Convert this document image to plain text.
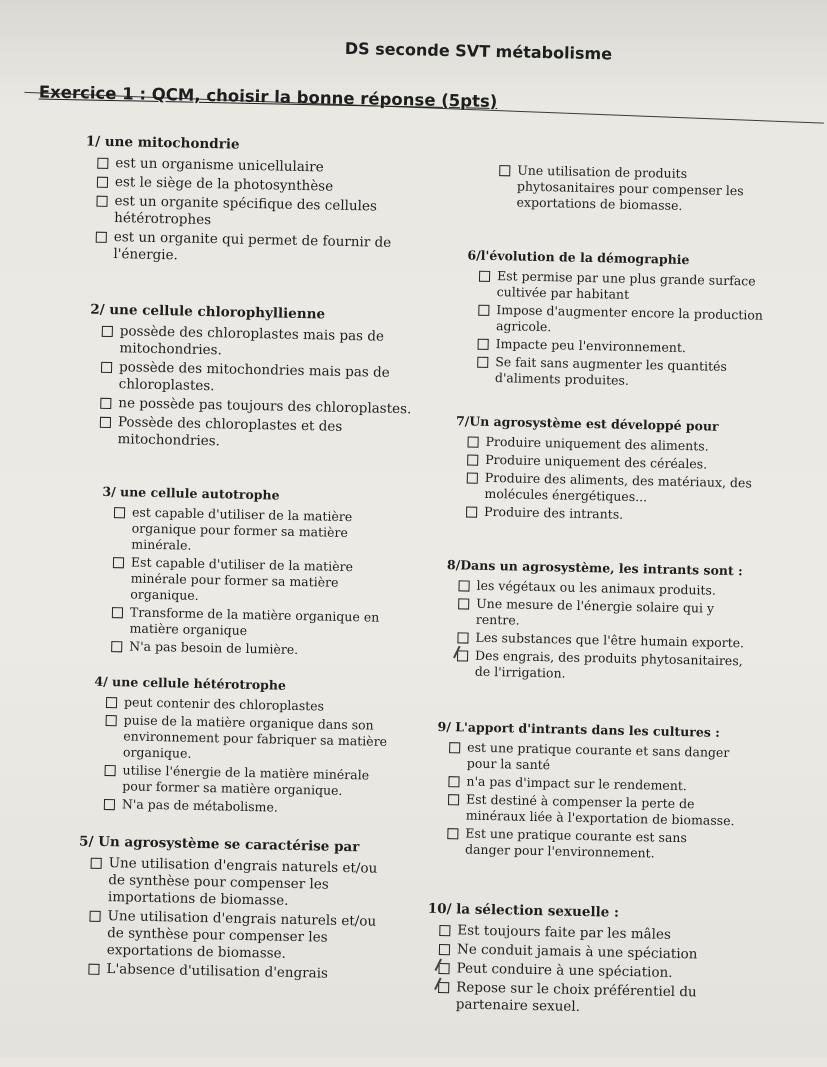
DS seconde SVT métabolisme
Exercice 1 : QCM, choisir la bonne réponse (5pts)
1/ une mitochondrie
est un organisme unicellulaire
est le siège de la photosynthèse
est un organite spécifique des cellules hétérotrophes
est un organite qui permet de fournir de l'énergie.
2/ une cellule chlorophyllienne
possède des chloroplastes mais pas de mitochondries.
possède des mitochondries mais pas de chloroplastes.
ne possède pas toujours des chloroplastes.
Possède des chloroplastes et des mitochondries.
3/ une cellule autotrophe
est capable d'utiliser de la matière organique pour former sa matière minérale.
Est capable d'utiliser de la matière minérale pour former sa matière organique.
Transforme de la matière organique en matière organique
N'a pas besoin de lumière.
4/ une cellule hétérotrophe
peut contenir des chloroplastes
puise de la matière organique dans son environnement pour fabriquer sa matière organique.
utilise l'énergie de la matière minérale pour former sa matière organique.
N'a pas de métabolisme.
5/ Un agrosystème se caractérise par
Une utilisation d'engrais naturels et/ou de synthèse pour compenser les importations de biomasse.
Une utilisation d'engrais naturels et/ou de synthèse pour compenser les exportations de biomasse.
L'absence d'utilisation d'engrais
Une utilisation de produits phytosanitaires pour compenser les exportations de biomasse.
6/l'évolution de la démographie
Est permise par une plus grande surface cultivée par habitant
Impose d'augmenter encore la production agricole.
Impacte peu l'environnement.
Se fait sans augmenter les quantités d'aliments produites.
7/Un agrosystème est développé pour
Produire uniquement des aliments.
Produire uniquement des céréales.
Produire des aliments, des matériaux, des molécules énergétiques...
Produire des intrants.
8/Dans un agrosystème, les intrants sont :
les végétaux ou les animaux produits.
Une mesure de l'énergie solaire qui y rentre.
Les substances que l'être humain exporte.
Des engrais, des produits phytosanitaires, de l'irrigation.
9/ L'apport d'intrants dans les cultures :
est une pratique courante et sans danger pour la santé
n'a pas d'impact sur le rendement.
Est destiné à compenser la perte de minéraux liée à l'exportation de biomasse.
Est une pratique courante est sans danger pour l'environnement.
10/ la sélection sexuelle :
Est toujours faite par les mâles
Ne conduit jamais à une spéciation
Peut conduire à une spéciation.
Repose sur le choix préférentiel du partenaire sexuel.
